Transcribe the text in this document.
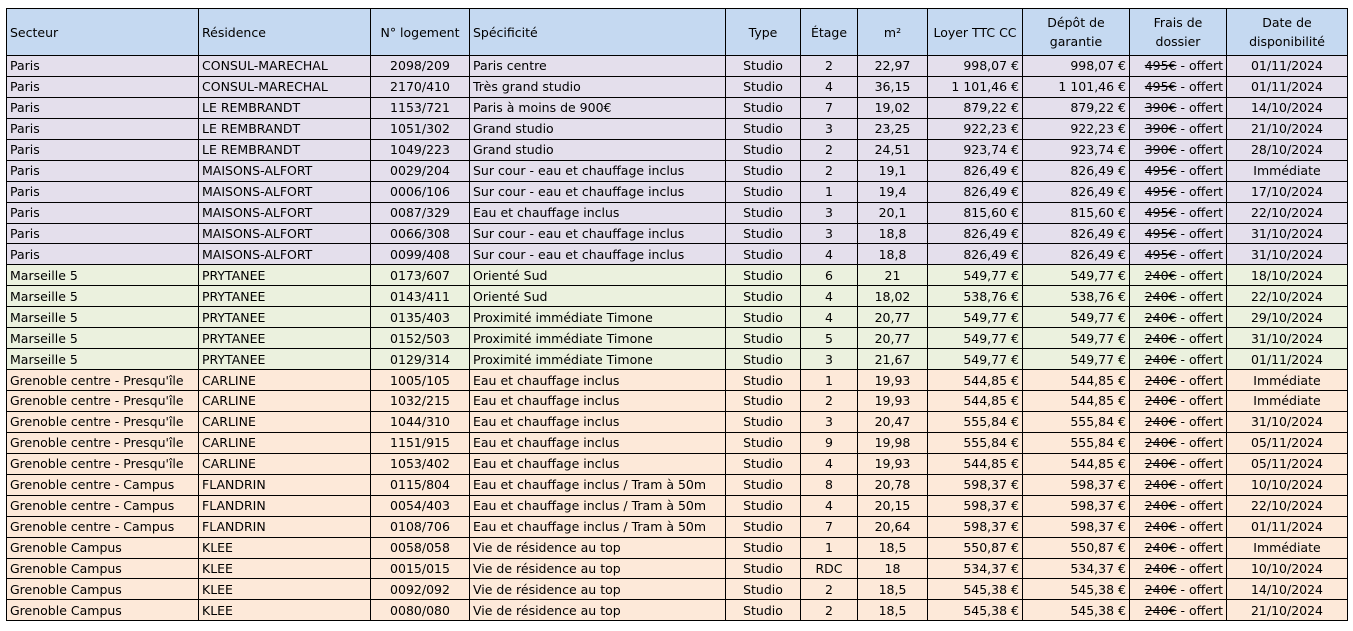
Secteur	Résidence	N° logement	Spécificité	Type	Étage	m²	Loyer TTC CC	Dépôt de garantie	Frais de dossier	Date de disponibilité
Paris	CONSUL-MARECHAL	2098/209	Paris centre	Studio	2	22,97	998,07 €	998,07 €	495€ - offert	01/11/2024
Paris	CONSUL-MARECHAL	2170/410	Très grand studio	Studio	4	36,15	1 101,46 €	1 101,46 €	495€ - offert	01/11/2024
Paris	LE REMBRANDT	1153/721	Paris à moins de 900€	Studio	7	19,02	879,22 €	879,22 €	390€ - offert	14/10/2024
Paris	LE REMBRANDT	1051/302	Grand studio	Studio	3	23,25	922,23 €	922,23 €	390€ - offert	21/10/2024
Paris	LE REMBRANDT	1049/223	Grand studio	Studio	2	24,51	923,74 €	923,74 €	390€ - offert	28/10/2024
Paris	MAISONS-ALFORT	0029/204	Sur cour - eau et chauffage inclus	Studio	2	19,1	826,49 €	826,49 €	495€ - offert	Immédiate
Paris	MAISONS-ALFORT	0006/106	Sur cour - eau et chauffage inclus	Studio	1	19,4	826,49 €	826,49 €	495€ - offert	17/10/2024
Paris	MAISONS-ALFORT	0087/329	Eau et chauffage inclus	Studio	3	20,1	815,60 €	815,60 €	495€ - offert	22/10/2024
Paris	MAISONS-ALFORT	0066/308	Sur cour - eau et chauffage inclus	Studio	3	18,8	826,49 €	826,49 €	495€ - offert	31/10/2024
Paris	MAISONS-ALFORT	0099/408	Sur cour - eau et chauffage inclus	Studio	4	18,8	826,49 €	826,49 €	495€ - offert	31/10/2024
Marseille 5	PRYTANEE	0173/607	Orienté Sud	Studio	6	21	549,77 €	549,77 €	240€ - offert	18/10/2024
Marseille 5	PRYTANEE	0143/411	Orienté Sud	Studio	4	18,02	538,76 €	538,76 €	240€ - offert	22/10/2024
Marseille 5	PRYTANEE	0135/403	Proximité immédiate Timone	Studio	4	20,77	549,77 €	549,77 €	240€ - offert	29/10/2024
Marseille 5	PRYTANEE	0152/503	Proximité immédiate Timone	Studio	5	20,77	549,77 €	549,77 €	240€ - offert	31/10/2024
Marseille 5	PRYTANEE	0129/314	Proximité immédiate Timone	Studio	3	21,67	549,77 €	549,77 €	240€ - offert	01/11/2024
Grenoble centre - Presqu'île	CARLINE	1005/105	Eau et chauffage inclus	Studio	1	19,93	544,85 €	544,85 €	240€ - offert	Immédiate
Grenoble centre - Presqu'île	CARLINE	1032/215	Eau et chauffage inclus	Studio	2	19,93	544,85 €	544,85 €	240€ - offert	Immédiate
Grenoble centre - Presqu'île	CARLINE	1044/310	Eau et chauffage inclus	Studio	3	20,47	555,84 €	555,84 €	240€ - offert	31/10/2024
Grenoble centre - Presqu'île	CARLINE	1151/915	Eau et chauffage inclus	Studio	9	19,98	555,84 €	555,84 €	240€ - offert	05/11/2024
Grenoble centre - Presqu'île	CARLINE	1053/402	Eau et chauffage inclus	Studio	4	19,93	544,85 €	544,85 €	240€ - offert	05/11/2024
Grenoble centre - Campus	FLANDRIN	0115/804	Eau et chauffage inclus / Tram à 50m	Studio	8	20,78	598,37 €	598,37 €	240€ - offert	10/10/2024
Grenoble centre - Campus	FLANDRIN	0054/403	Eau et chauffage inclus / Tram à 50m	Studio	4	20,15	598,37 €	598,37 €	240€ - offert	22/10/2024
Grenoble centre - Campus	FLANDRIN	0108/706	Eau et chauffage inclus / Tram à 50m	Studio	7	20,64	598,37 €	598,37 €	240€ - offert	01/11/2024
Grenoble Campus	KLEE	0058/058	Vie de résidence au top	Studio	1	18,5	550,87 €	550,87 €	240€ - offert	Immédiate
Grenoble Campus	KLEE	0015/015	Vie de résidence au top	Studio	RDC	18	534,37 €	534,37 €	240€ - offert	10/10/2024
Grenoble Campus	KLEE	0092/092	Vie de résidence au top	Studio	2	18,5	545,38 €	545,38 €	240€ - offert	14/10/2024
Grenoble Campus	KLEE	0080/080	Vie de résidence au top	Studio	2	18,5	545,38 €	545,38 €	240€ - offert	21/10/2024
